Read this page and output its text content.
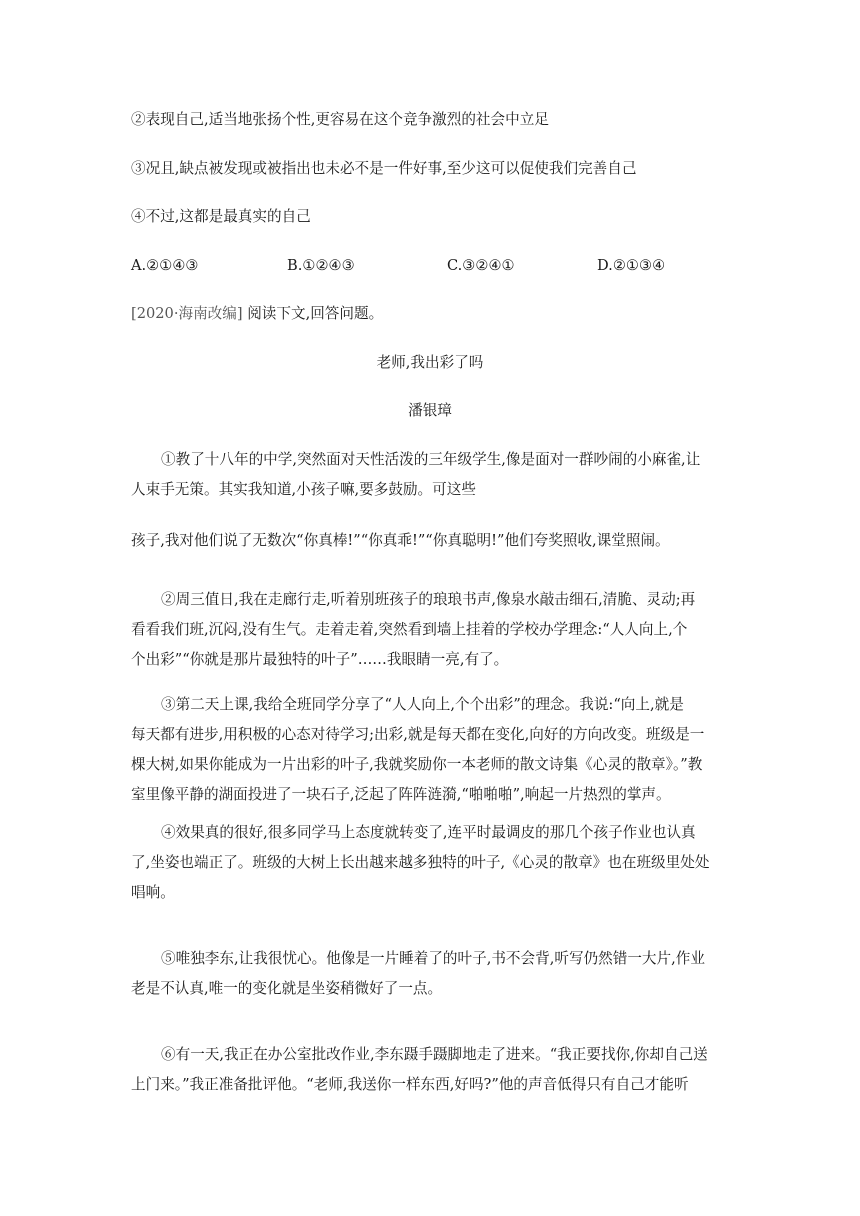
②表现自己,适当地张扬个性,更容易在这个竞争激烈的社会中立足
③况且,缺点被发现或被指出也未必不是一件好事,至少这可以促使我们完善自己
④不过,这都是最真实的自己
A.②①④③	B.①②④③	C.③②④①	D.②①③④
[2020·海南改编] 阅读下文,回答问题。
老师,我出彩了吗
潘银璋
①教了十八年的中学,突然面对天性活泼的三年级学生,像是面对一群吵闹的小麻雀,让
人束手无策。其实我知道,小孩子嘛,要多鼓励。可这些
孩子,我对他们说了无数次“你真棒!”“你真乖!”“你真聪明!”他们夸奖照收,课堂照闹。
②周三值日,我在走廊行走,听着别班孩子的琅琅书声,像泉水敲击细石,清脆、灵动;再
看看我们班,沉闷,没有生气。走着走着,突然看到墙上挂着的学校办学理念:“人人向上,个
个出彩”“你就是那片最独特的叶子”……我眼睛一亮,有了。
③第二天上课,我给全班同学分享了“人人向上,个个出彩”的理念。我说:“向上,就是
每天都有进步,用积极的心态对待学习;出彩,就是每天都在变化,向好的方向改变。班级是一
棵大树,如果你能成为一片出彩的叶子,我就奖励你一本老师的散文诗集《心灵的散章》。”教
室里像平静的湖面投进了一块石子,泛起了阵阵涟漪,“啪啪啪”,响起一片热烈的掌声。
④效果真的很好,很多同学马上态度就转变了,连平时最调皮的那几个孩子作业也认真
了,坐姿也端正了。班级的大树上长出越来越多独特的叶子,《心灵的散章》也在班级里处处
唱响。
⑤唯独李东,让我很忧心。他像是一片睡着了的叶子,书不会背,听写仍然错一大片,作业
老是不认真,唯一的变化就是坐姿稍微好了一点。
⑥有一天,我正在办公室批改作业,李东蹑手蹑脚地走了进来。“我正要找你,你却自己送
上门来。”我正准备批评他。“老师,我送你一样东西,好吗?”他的声音低得只有自己才能听
